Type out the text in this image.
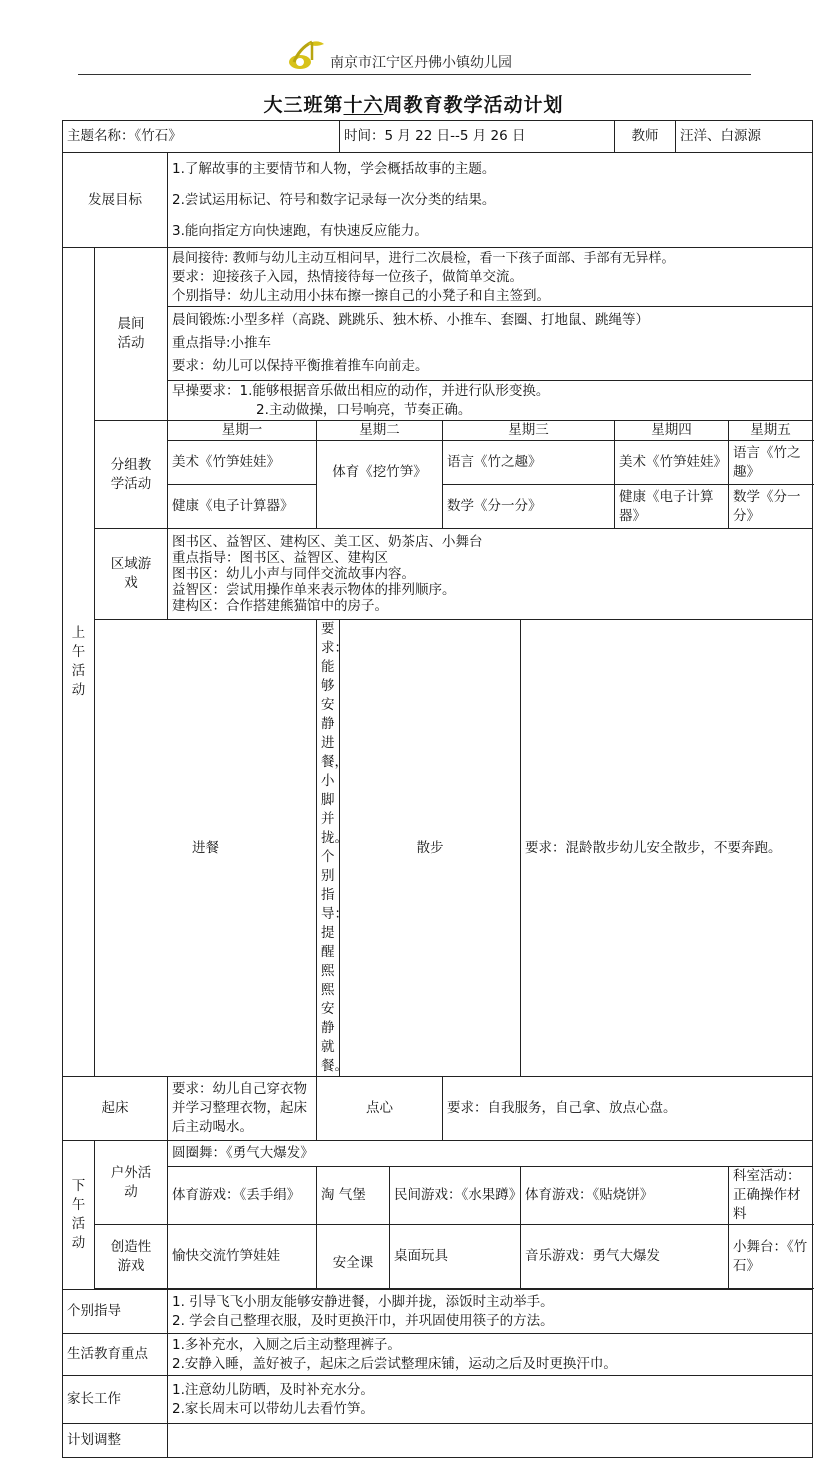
南京市江宁区丹佛小镇幼儿园
大三班第十六周教育教学活动计划
主题名称：《竹石》				时间：5 月 22 日--5 月 26 日				教师	汪洋、白源源	
发展目标		1.了解故事的主要情节和人物，学会概括故事的主题。
2.尝试运用标记、符号和数字记录每一次分类的结果。
3.能向指定方向快速跑，有快速反应能力。								

上午活动	晨间活动	晨间接待: 教师与幼儿主动互相问早，进行二次晨检，看一下孩子面部、手部有无异样。
要求：迎接孩子入园，热情接待每一位孩子，做简单交流。
个别指导：幼儿主动用小抹布擦一擦自己的小凳子和自主签到。								

		晨间锻炼:小型多样（高跷、跳跳乐、独木桥、小推车、套圈、打地鼠、跳绳等）
重点指导:小推车
要求：幼儿可以保持平衡推着推车向前走。								

		早操要求：1.能够根据音乐做出相应的动作，并进行队形变换。
2.主动做操，口号响亮，节奏正确。								

	分组教学活动	星期一	星期二			星期三		星期四		星期五
		美术《竹笋娃娃》	体育《挖竹笋》			语言《竹之趣》		美术《竹笋娃娃》		语言《竹之趣》
		健康《电子计算器》				数学《分一分》		健康《电子计算器》		数学《分一分》
	区域游戏	图书区、益智区、建构区、美工区、奶茶店、小舞台
重点指导：图书区、益智区、建构区
图书区：幼儿小声与同伴交流故事内容。
益智区：尝试用操作单来表示物体的排列顺序。
建构区：合作搭建熊猫馆中的房子。								

	进餐		要求：能够安静进餐，小脚并拢。
个别指导：提醒熙熙安静就餐。	散步			要求：混龄散步幼儿安全散步，不要奔跑。			
起床		要求：幼儿自己穿衣物并学习整理衣物，起床后主动喝水。	点心			要求：自我服务，自己拿、放点心盘。				
下午活动	户外活动	圆圈舞：《勇气大爆发》								
		体育游戏：《丢手绢》	淘 气堡		民间游戏：《水果蹲》		体育游戏：《贴烧饼》			科室活动：正确操作材料
	创造性游戏	愉快交流竹笋娃娃	安全课		桌面玩具		音乐游戏：勇气大爆发			小舞台：《竹石》

个别指导		1. 引导飞飞小朋友能够安静进餐，小脚并拢，添饭时主动举手。
2. 学会自己整理衣服，及时更换汗巾，并巩固使用筷子的方法。								

生活教育重点		1.多补充水，入厕之后主动整理裤子。
2.安静入睡，盖好被子，起床之后尝试整理床铺，运动之后及时更换汗巾。								

家长工作		1.注意幼儿防晒，及时补充水分。
2.家长周末可以带幼儿去看竹笋。								

计划调整										
